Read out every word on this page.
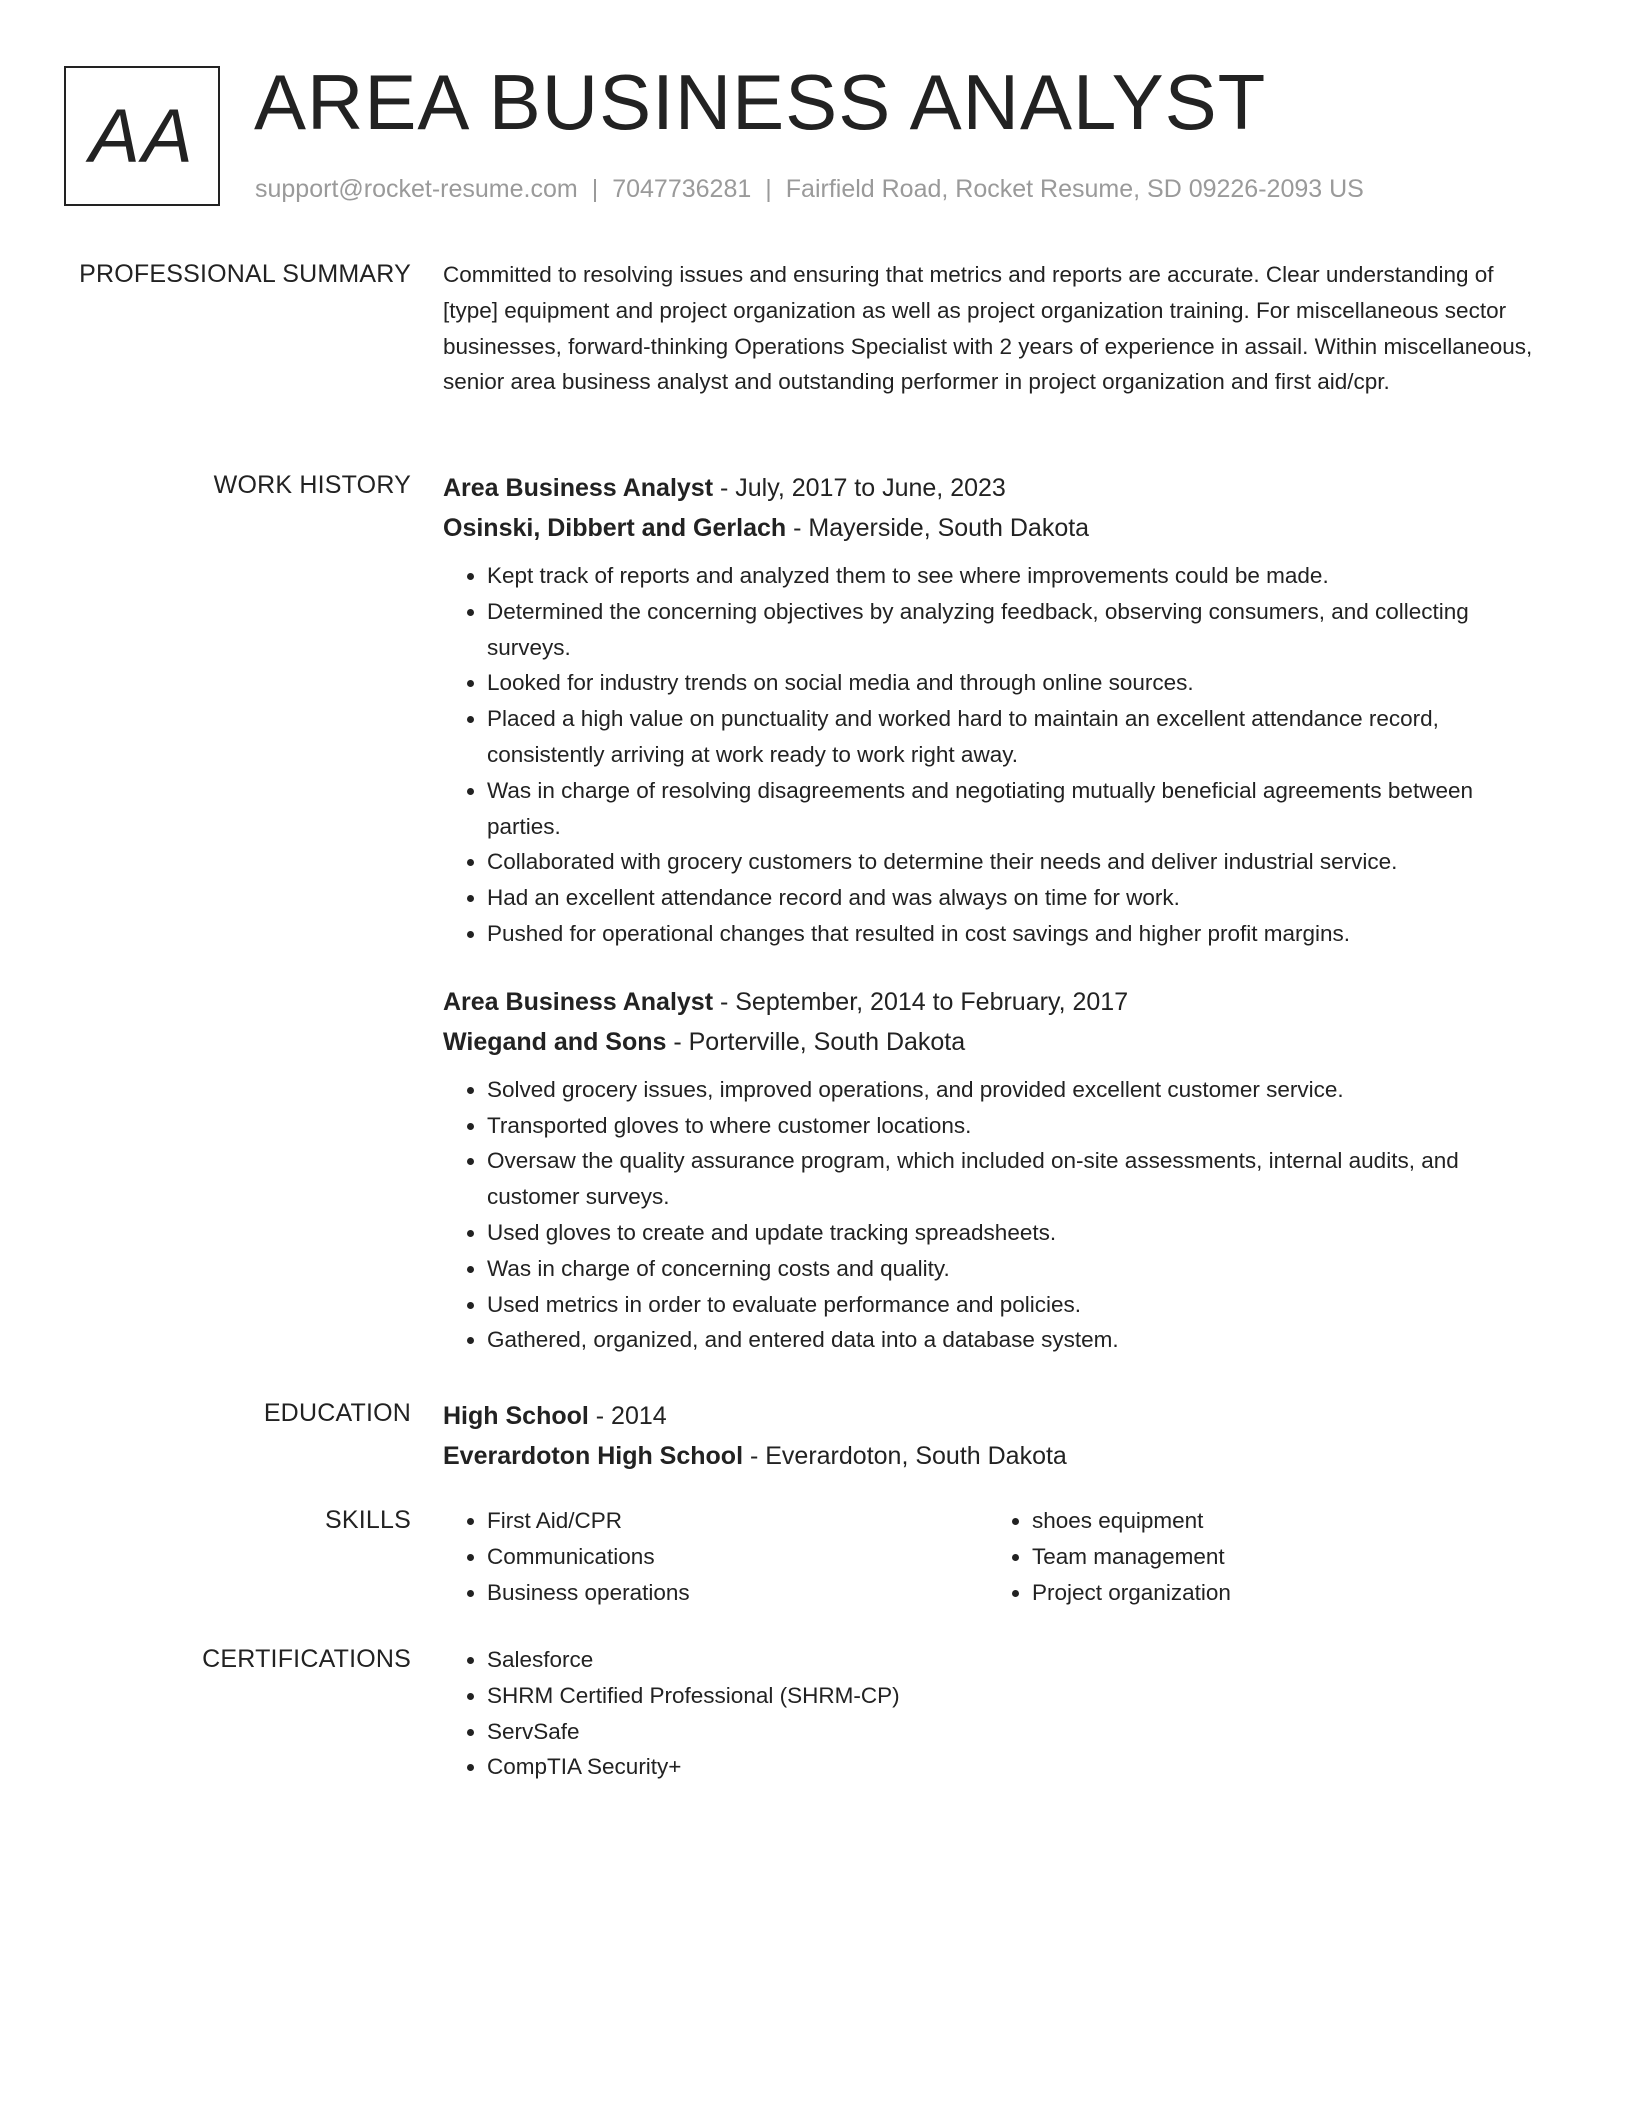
AA AREA BUSINESS ANALYST
support@rocket-resume.com | 7047736281 | Fairfield Road, Rocket Resume, SD 09226-2093 US
PROFESSIONAL SUMMARY Committed to resolving issues and ensuring that metrics and reports are accurate. Clear understanding of [type] equipment and project organization as well as project organization training. For miscellaneous sector businesses, forward-thinking Operations Specialist with 2 years of experience in assail. Within miscellaneous, senior area business analyst and outstanding performer in project organization and first aid/cpr.

WORK HISTORY Area Business Analyst - July, 2017 to June, 2023

Osinski, Dibbert and Gerlach - Mayerside, South Dakota

• Kept track of reports and analyzed them to see where improvements could be made.
• Determined the concerning objectives by analyzing feedback, observing consumers, and collecting surveys.
• Looked for industry trends on social media and through online sources.
• Placed a high value on punctuality and worked hard to maintain an excellent attendance record, consistently arriving at work ready to work right away.
• Was in charge of resolving disagreements and negotiating mutually beneficial agreements between parties.
• Collaborated with grocery customers to determine their needs and deliver industrial service.
• Had an excellent attendance record and was always on time for work.
• Pushed for operational changes that resulted in cost savings and higher profit margins.

Area Business Analyst - September, 2014 to February, 2017

Wiegand and Sons - Porterville, South Dakota

• Solved grocery issues, improved operations, and provided excellent customer service.
• Transported gloves to where customer locations.
• Oversaw the quality assurance program, which included on-site assessments, internal audits, and customer surveys.
• Used gloves to create and update tracking spreadsheets.
• Was in charge of concerning costs and quality.
• Used metrics in order to evaluate performance and policies.
• Gathered, organized, and entered data into a database system.
EDUCATION High School - 2014

Everardoton High School - Everardoton, South Dakota

SKILLS	• First Aid/CPR
• Communications
• Business operations
• shoes equipment
• Team management
• Project organization
CERTIFICATIONS	• Salesforce
• SHRM Certified Professional (SHRM-CP)
• ServSafe
• CompTIA Security+
